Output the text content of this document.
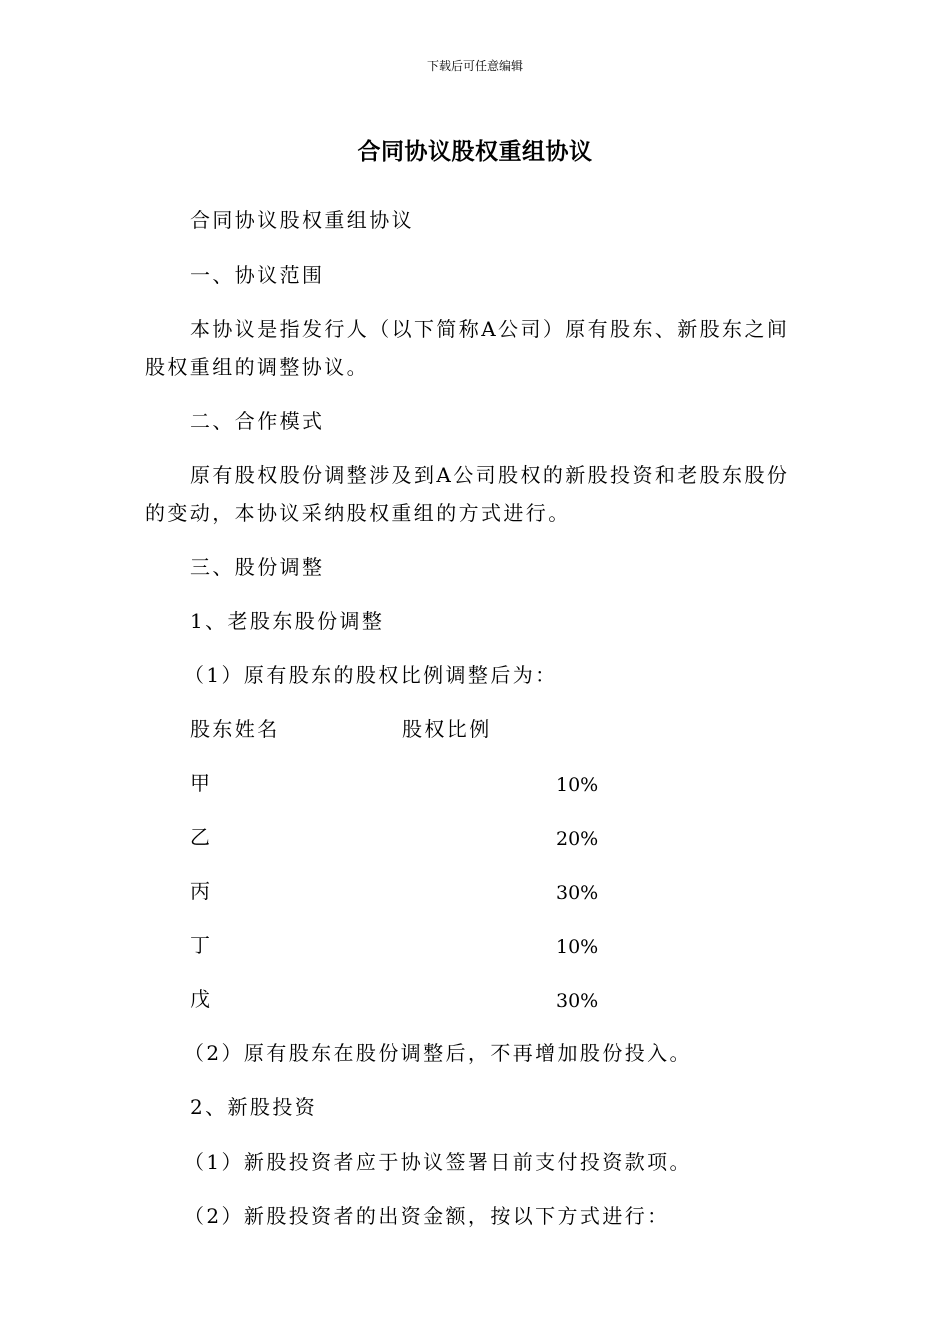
下载后可任意编辑
合同协议股权重组协议
合同协议股权重组协议
一、协议范围
本协议是指发行人（以下简称A公司）原有股东、新股东之间
股权重组的调整协议。
二、合作模式
原有股权股份调整涉及到A公司股权的新股投资和老股东股份
的变动，本协议采纳股权重组的方式进行。
三、股份调整
1、老股东股份调整
（1）原有股东的股权比例调整后为：
股东姓名	股权比例
甲	10%
乙	20%
丙	30%
丁	10%
戊	30%
（2）原有股东在股份调整后，不再增加股份投入。
2、新股投资
（1）新股投资者应于协议签署日前支付投资款项。
（2）新股投资者的出资金额，按以下方式进行：
